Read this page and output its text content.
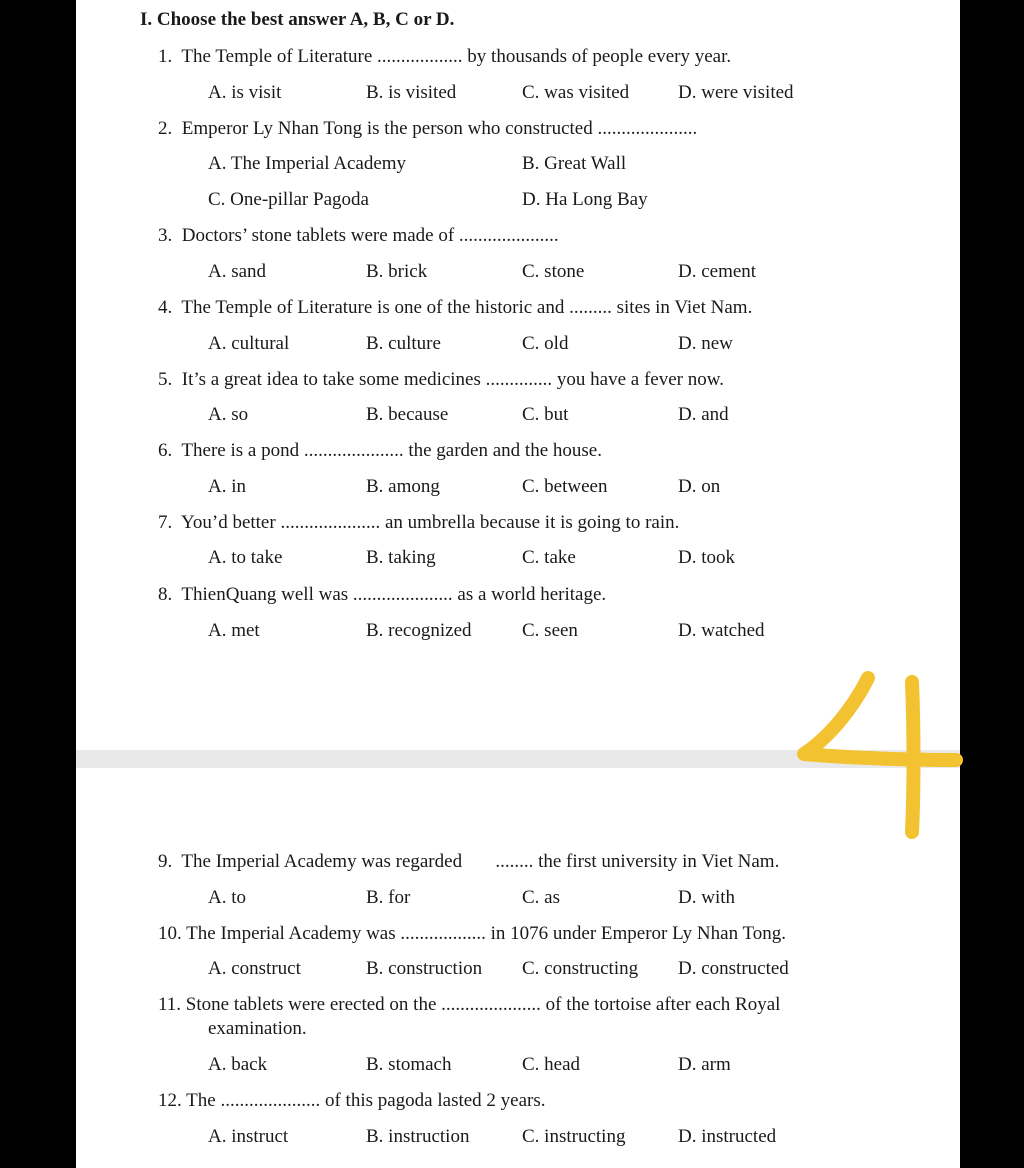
I. Choose the best answer A, B, C or D.
1. The Temple of Literature .................. by thousands of people every year.
A. is visit	B. is visited	C. was visited	D. were visited
2. Emperor Ly Nhan Tong is the person who constructed .....................
A. The Imperial Academy	B. Great Wall
C. One-pillar Pagoda	D. Ha Long Bay
3. Doctors’ stone tablets were made of .....................
A. sand	B. brick	C. stone	D. cement
4. The Temple of Literature is one of the historic and ......... sites in Viet Nam.
A. cultural	B. culture	C. old	D. new
5. It’s a great idea to take some medicines .............. you have a fever now.
A. so	B. because	C. but	D. and
6. There is a pond ..................... the garden and the house.
A. in	B. among	C. between	D. on
7. You’d better ..................... an umbrella because it is going to rain.
A. to take	B. taking	C. take	D. took
8. ThienQuang well was ..................... as a world heritage.
A. met	B. recognized	C. seen	D. watched
9. The Imperial Academy was regarded       ........ the first university in Viet Nam.
A. to	B. for	C. as	D. with
10. The Imperial Academy was .................. in 1076 under Emperor Ly Nhan Tong.
A. construct	B. construction C. constructing D. constructed
11. Stone tablets were erected on the ..................... of the tortoise after each Royal
examination.
A. back	B. stomach	C. head	D. arm
12. The ..................... of this pagoda lasted 2 years.
A. instruct	B. instruction	C. instructing	D. instructed
